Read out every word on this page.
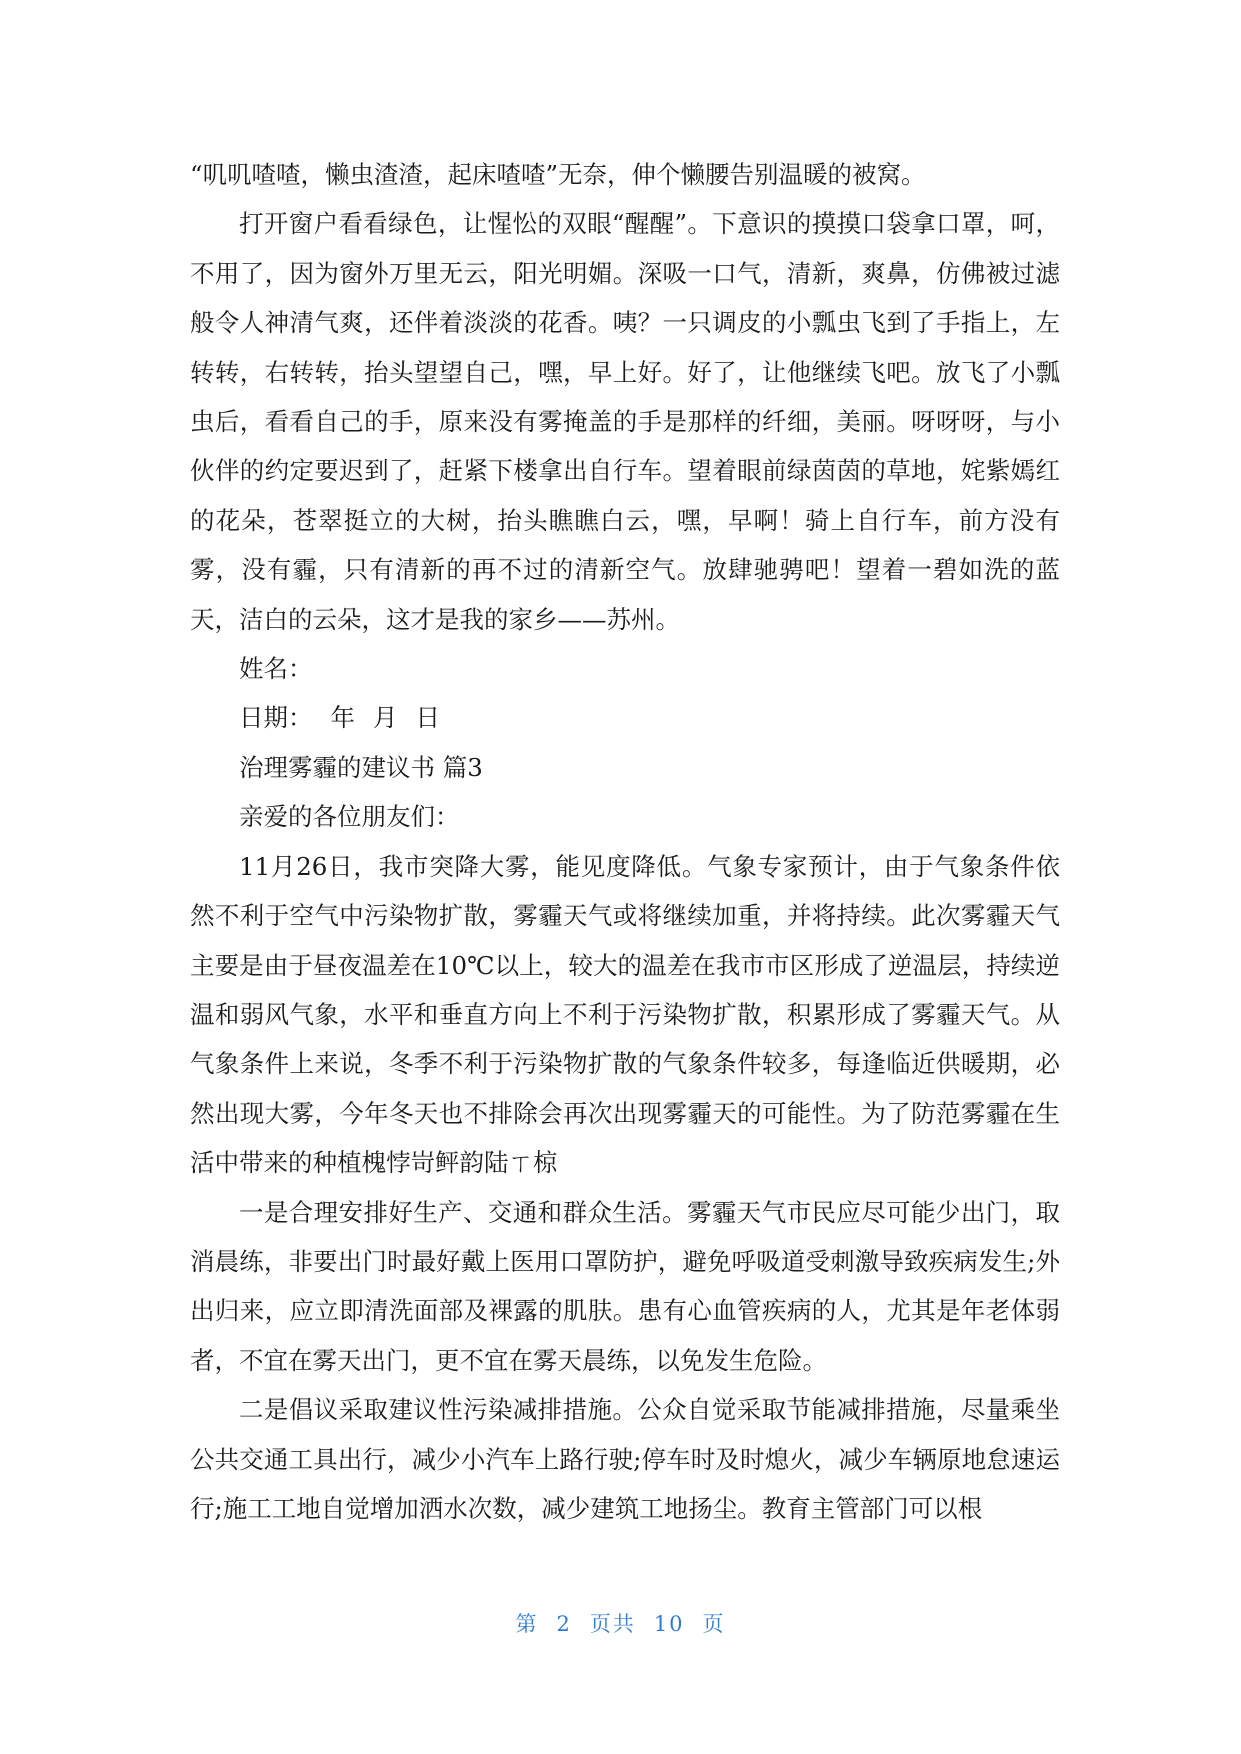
“叽叽喳喳，懒虫渣渣，起床喳喳”无奈，伸个懒腰告别温暖的被窝。

打开窗户看看绿色，让惺忪的双眼“醒醒”。下意识的摸摸口袋拿口罩，呵，不用了，因为窗外万里无云，阳光明媚。深吸一口气，清新，爽鼻，仿佛被过滤般令人神清气爽，还伴着淡淡的花香。咦？一只调皮的小瓢虫飞到了手指上，左转转，右转转，抬头望望自己，嘿，早上好。好了，让他继续飞吧。放飞了小瓢虫后，看看自己的手，原来没有雾掩盖的手是那样的纤细，美丽。呀呀呀，与小伙伴的约定要迟到了，赶紧下楼拿出自行车。望着眼前绿茵茵的草地，姹紫嫣红的花朵，苍翠挺立的大树，抬头瞧瞧白云，嘿，早啊！骑上自行车，前方没有雾，没有霾，只有清新的再不过的清新空气。放肆驰骋吧！望着一碧如洗的蓝天，洁白的云朵，这才是我的家乡——苏州。

姓名：

日期： 年 月 日

治理雾霾的建议书 篇3

亲爱的各位朋友们：

11月26日，我市突降大雾，能见度降低。气象专家预计，由于气象条件依然不利于空气中污染物扩散，雾霾天气或将继续加重，并将持续。此次雾霾天气主要是由于昼夜温差在10℃以上，较大的温差在我市市区形成了逆温层，持续逆温和弱风气象，水平和垂直方向上不利于污染物扩散，积累形成了雾霾天气。从气象条件上来说，冬季不利于污染物扩散的气象条件较多，每逢临近供暖期，必然出现大雾，今年冬天也不排除会再次出现雾霾天的可能性。为了防范雾霾在生活中带来的种植槐悖岢鲆韵陆ㄒ椋

一是合理安排好生产、交通和群众生活。雾霾天气市民应尽可能少出门，取消晨练，非要出门时最好戴上医用口罩防护，避免呼吸道受刺激导致疾病发生;外出归来，应立即清洗面部及裸露的肌肤。患有心血管疾病的人，尤其是年老体弱者，不宜在雾天出门，更不宜在雾天晨练，以免发生危险。

二是倡议采取建议性污染减排措施。公众自觉采取节能减排措施，尽量乘坐公共交通工具出行，减少小汽车上路行驶;停车时及时熄火，减少车辆原地怠速运行;施工工地自觉增加洒水次数，减少建筑工地扬尘。教育主管部门可以根

第 2 页共 10 页
